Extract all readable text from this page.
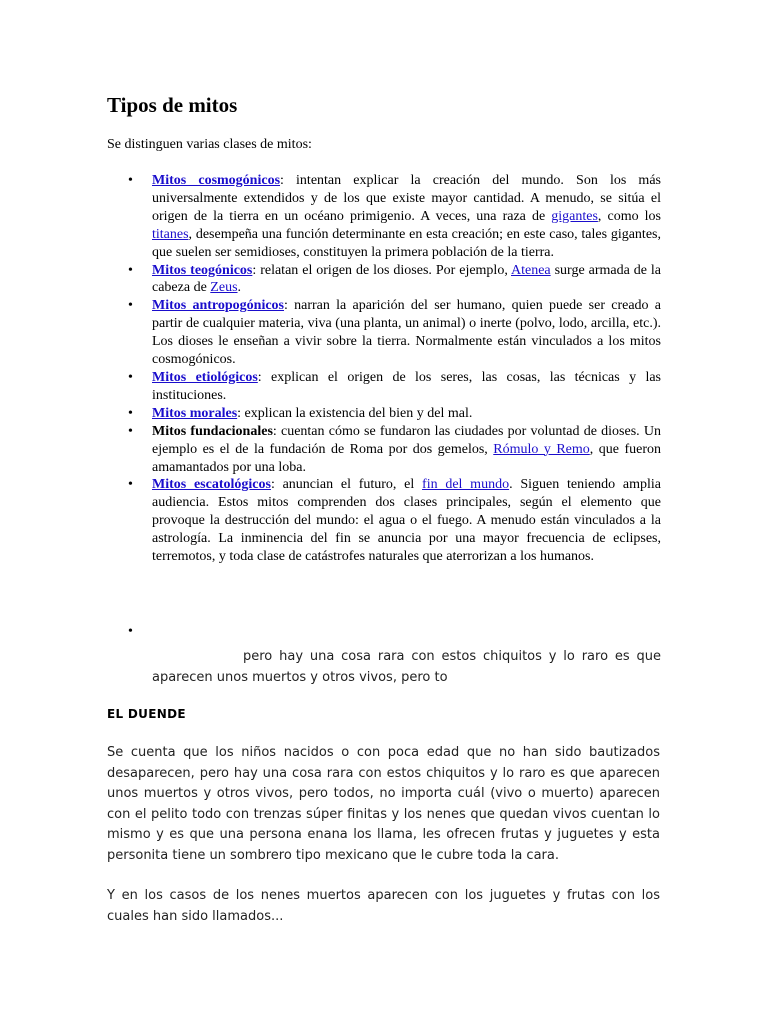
Tipos de mitos

Se distinguen varias clases de mitos:

• Mitos cosmogónicos: intentan explicar la creación del mundo. Son los más universalmente extendidos y de los que existe mayor cantidad. A menudo, se sitúa el origen de la tierra en un océano primigenio. A veces, una raza de gigantes, como los titanes, desempeña una función determinante en esta creación; en este caso, tales gigantes, que suelen ser semidioses, constituyen la primera población de la tierra.
• Mitos teogónicos: relatan el origen de los dioses. Por ejemplo, Atenea surge armada de la cabeza de Zeus.
• Mitos antropogónicos: narran la aparición del ser humano, quien puede ser creado a partir de cualquier materia, viva (una planta, un animal) o inerte (polvo, lodo, arcilla, etc.). Los dioses le enseñan a vivir sobre la tierra. Normalmente están vinculados a los mitos cosmogónicos.
• Mitos etiológicos: explican el origen de los seres, las cosas, las técnicas y las instituciones.
• Mitos morales: explican la existencia del bien y del mal.
• Mitos fundacionales: cuentan cómo se fundaron las ciudades por voluntad de dioses. Un ejemplo es el de la fundación de Roma por dos gemelos, Rómulo y Remo, que fueron amamantados por una loba.
• Mitos escatológicos: anuncian el futuro, el fin del mundo. Siguen teniendo amplia audiencia. Estos mitos comprenden dos clases principales, según el elemento que provoque la destrucción del mundo: el agua o el fuego. A menudo están vinculados a la astrología. La inminencia del fin se anuncia por una mayor frecuencia de eclipses, terremotos, y toda clase de catástrofes naturales que aterrorizan a los humanos.
•

pero hay una cosa rara con estos chiquitos y lo raro es que aparecen unos muertos y otros vivos, pero to

EL DUENDE

Se cuenta que los niños nacidos o con poca edad que no han sido bautizados desaparecen, pero hay una cosa rara con estos chiquitos y lo raro es que aparecen unos muertos y otros vivos, pero todos, no importa cuál (vivo o muerto) aparecen con el pelito todo con trenzas súper finitas y los nenes que quedan vivos cuentan lo mismo y es que una persona enana los llama, les ofrecen frutas y juguetes y esta personita tiene un sombrero tipo mexicano que le cubre toda la cara.

Y en los casos de los nenes muertos aparecen con los juguetes y frutas con los cuales han sido llamados...
